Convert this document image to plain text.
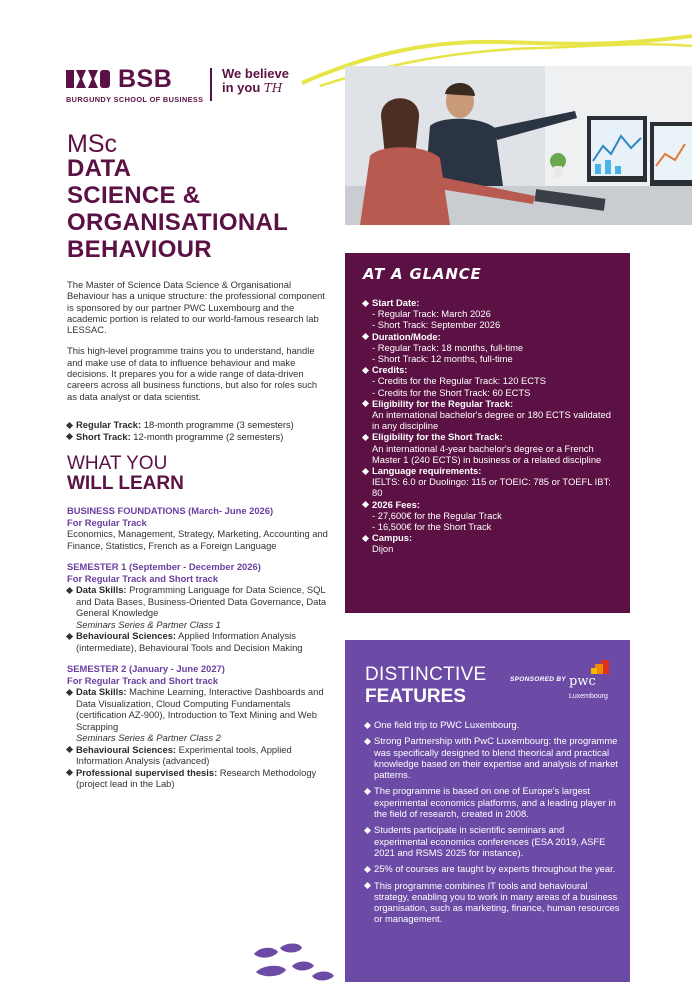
BSB
BURGUNDY SCHOOL OF BUSINESS
We believe
in you TH
MSc
DATA
SCIENCE &
ORGANISATIONAL
BEHAVIOUR

The Master of Science Data Science & Organisational Behaviour has a unique structure: the professional component is sponsored by our partner PWC Luxembourg and the academic portion is related to our world-famous research lab LESSAC.

This high-level programme trains you to understand, handle and make use of data to influence behaviour and make decisions. It prepares you for a wide range of data-driven careers across all business functions, but also for roles such as data analyst or data scientist.

Regular Track: 18-month programme (3 semesters)
Short Track: 12-month programme (2 semesters)
WHAT YOU
WILL LEARN
BUSINESS FOUNDATIONS (March- June 2026)
For Regular Track
Economics, Management, Strategy, Marketing, Accounting and Finance, Statistics, French as a Foreign Language
SEMESTER 1 (September - December 2026)
For Regular Track and Short track
Data Skills: Programming Language for Data Science, SQL and Data Bases, Business-Oriented Data Governance, Data General Knowledge
Seminars Series & Partner Class 1
Behavioural Sciences: Applied Information Analysis (intermediate), Behavioural Tools and Decision Making
SEMESTER 2 (January - June 2027)
For Regular Track and Short track
Data Skills: Machine Learning, Interactive Dashboards and Data Visualization, Cloud Computing Fundamentals (certification AZ-900), Introduction to Text Mining and Web Scrapping
Seminars Series & Partner Class 2
Behavioural Sciences: Experimental tools, Applied Information Analysis (advanced)
Professional supervised thesis: Research Methodology (project lead in the Lab)
AT A GLANCE
Start Date:
- Regular Track: March 2026
- Short Track: September 2026
Duration/Mode:
- Regular Track: 18 months, full-time
- Short Track: 12 months, full-time
Credits:
- Credits for the Regular Track: 120 ECTS
- Credits for the Short Track: 60 ECTS
Eligibility for the Regular Track:
An international bachelor's degree or 180 ECTS validated in any discipline
Eligibility for the Short Track:
An international 4-year bachelor's degree or a French Master 1 (240 ECTS) in business or a related discipline
Language requirements:
IELTS: 6.0 or Duolingo: 115 or TOEIC: 785 or TOEFL IBT: 80
2026 Fees:
- 27,600€ for the Regular Track
- 16,500€ for the Short Track
Campus:
Dijon
DISTINCTIVE
FEATURES
SPONSORED BY pwc
Luxembourg
One field trip to PWC Luxembourg.
Strong Partnership with PwC Luxembourg: the programme was specifically designed to blend theorical and practical knowledge based on their expertise and analysis of market patterns.
The programme is based on one of Europe's largest experimental economics platforms, and a leading player in the field of research, created in 2008.
Students participate in scientific seminars and experimental economics conferences (ESA 2019, ASFE 2021 and RSMS 2025 for instance).
25% of courses are taught by experts throughout the year.
This programme combines IT tools and behavioural strategy, enabling you to work in many areas of a business organisation, such as marketing, finance, human resources or management.
